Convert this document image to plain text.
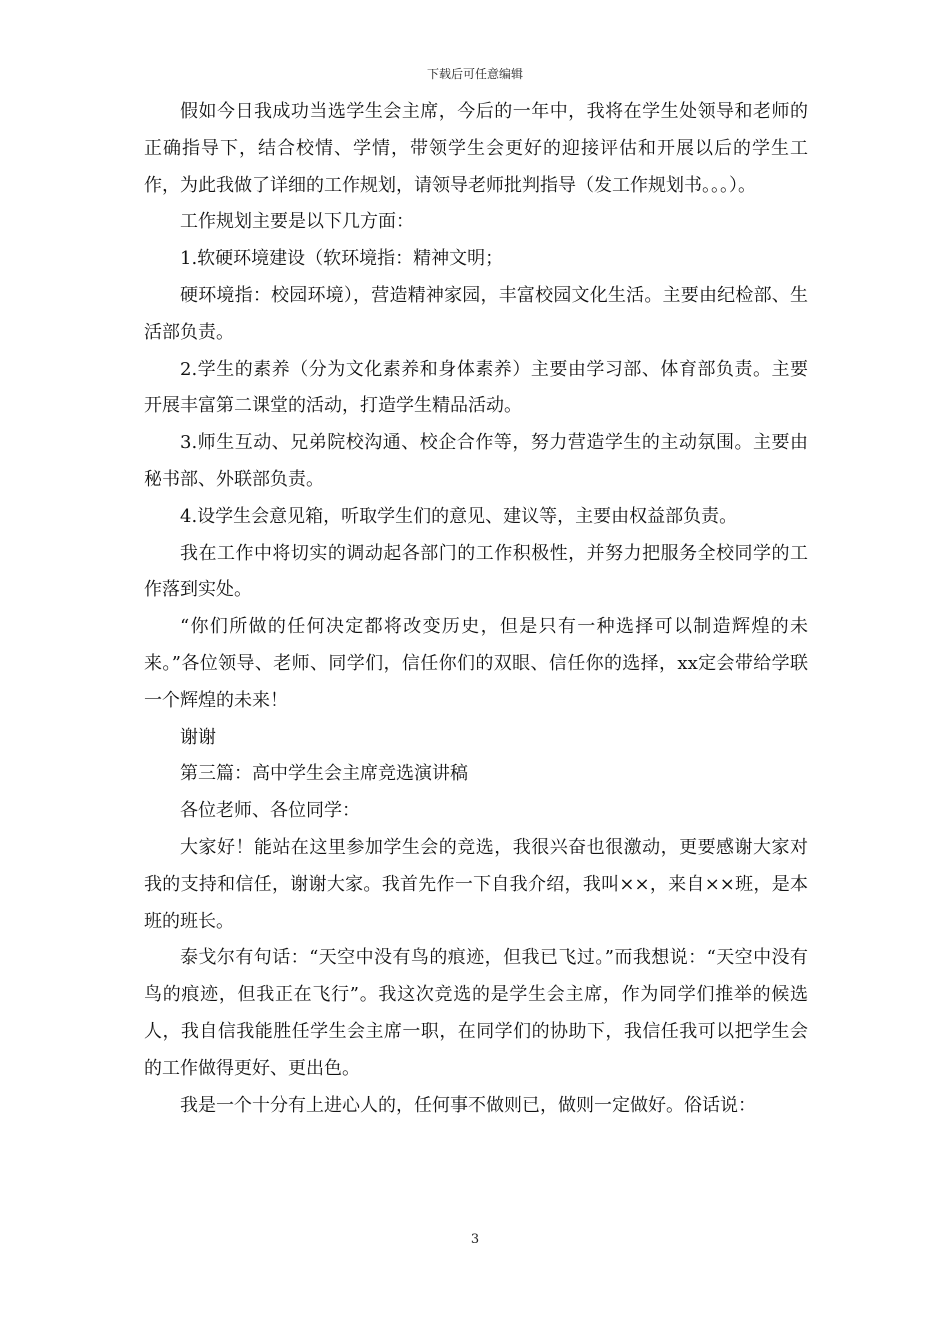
下载后可任意编辑

假如今日我成功当选学生会主席，今后的一年中，我将在学生处领导和老师的正确指导下，结合校情、学情，带领学生会更好的迎接评估和开展以后的学生工作，为此我做了详细的工作规划，请领导老师批判指导（发工作规划书。。。）。

工作规划主要是以下几方面：

1.软硬环境建设（软环境指：精神文明；

硬环境指：校园环境），营造精神家园，丰富校园文化生活。主要由纪检部、生活部负责。

2.学生的素养（分为文化素养和身体素养）主要由学习部、体育部负责。主要开展丰富第二课堂的活动，打造学生精品活动。

3.师生互动、兄弟院校沟通、校企合作等，努力营造学生的主动氛围。主要由秘书部、外联部负责。

4.设学生会意见箱，听取学生们的意见、建议等，主要由权益部负责。

我在工作中将切实的调动起各部门的工作积极性，并努力把服务全校同学的工作落到实处。

“你们所做的任何决定都将改变历史，但是只有一种选择可以制造辉煌的未来。”各位领导、老师、同学们，信任你们的双眼、信任你的选择，xx定会带给学联一个辉煌的未来！

谢谢

第三篇：高中学生会主席竞选演讲稿

各位老师、各位同学：

大家好！能站在这里参加学生会的竞选，我很兴奋也很激动，更要感谢大家对我的支持和信任，谢谢大家。我首先作一下自我介绍，我叫××，来自××班，是本班的班长。

泰戈尔有句话：“天空中没有鸟的痕迹，但我已飞过。”而我想说：“天空中没有鸟的痕迹，但我正在飞行”。我这次竞选的是学生会主席，作为同学们推举的候选人，我自信我能胜任学生会主席一职，在同学们的协助下，我信任我可以把学生会的工作做得更好、更出色。

我是一个十分有上进心人的，任何事不做则已，做则一定做好。俗话说：

3
